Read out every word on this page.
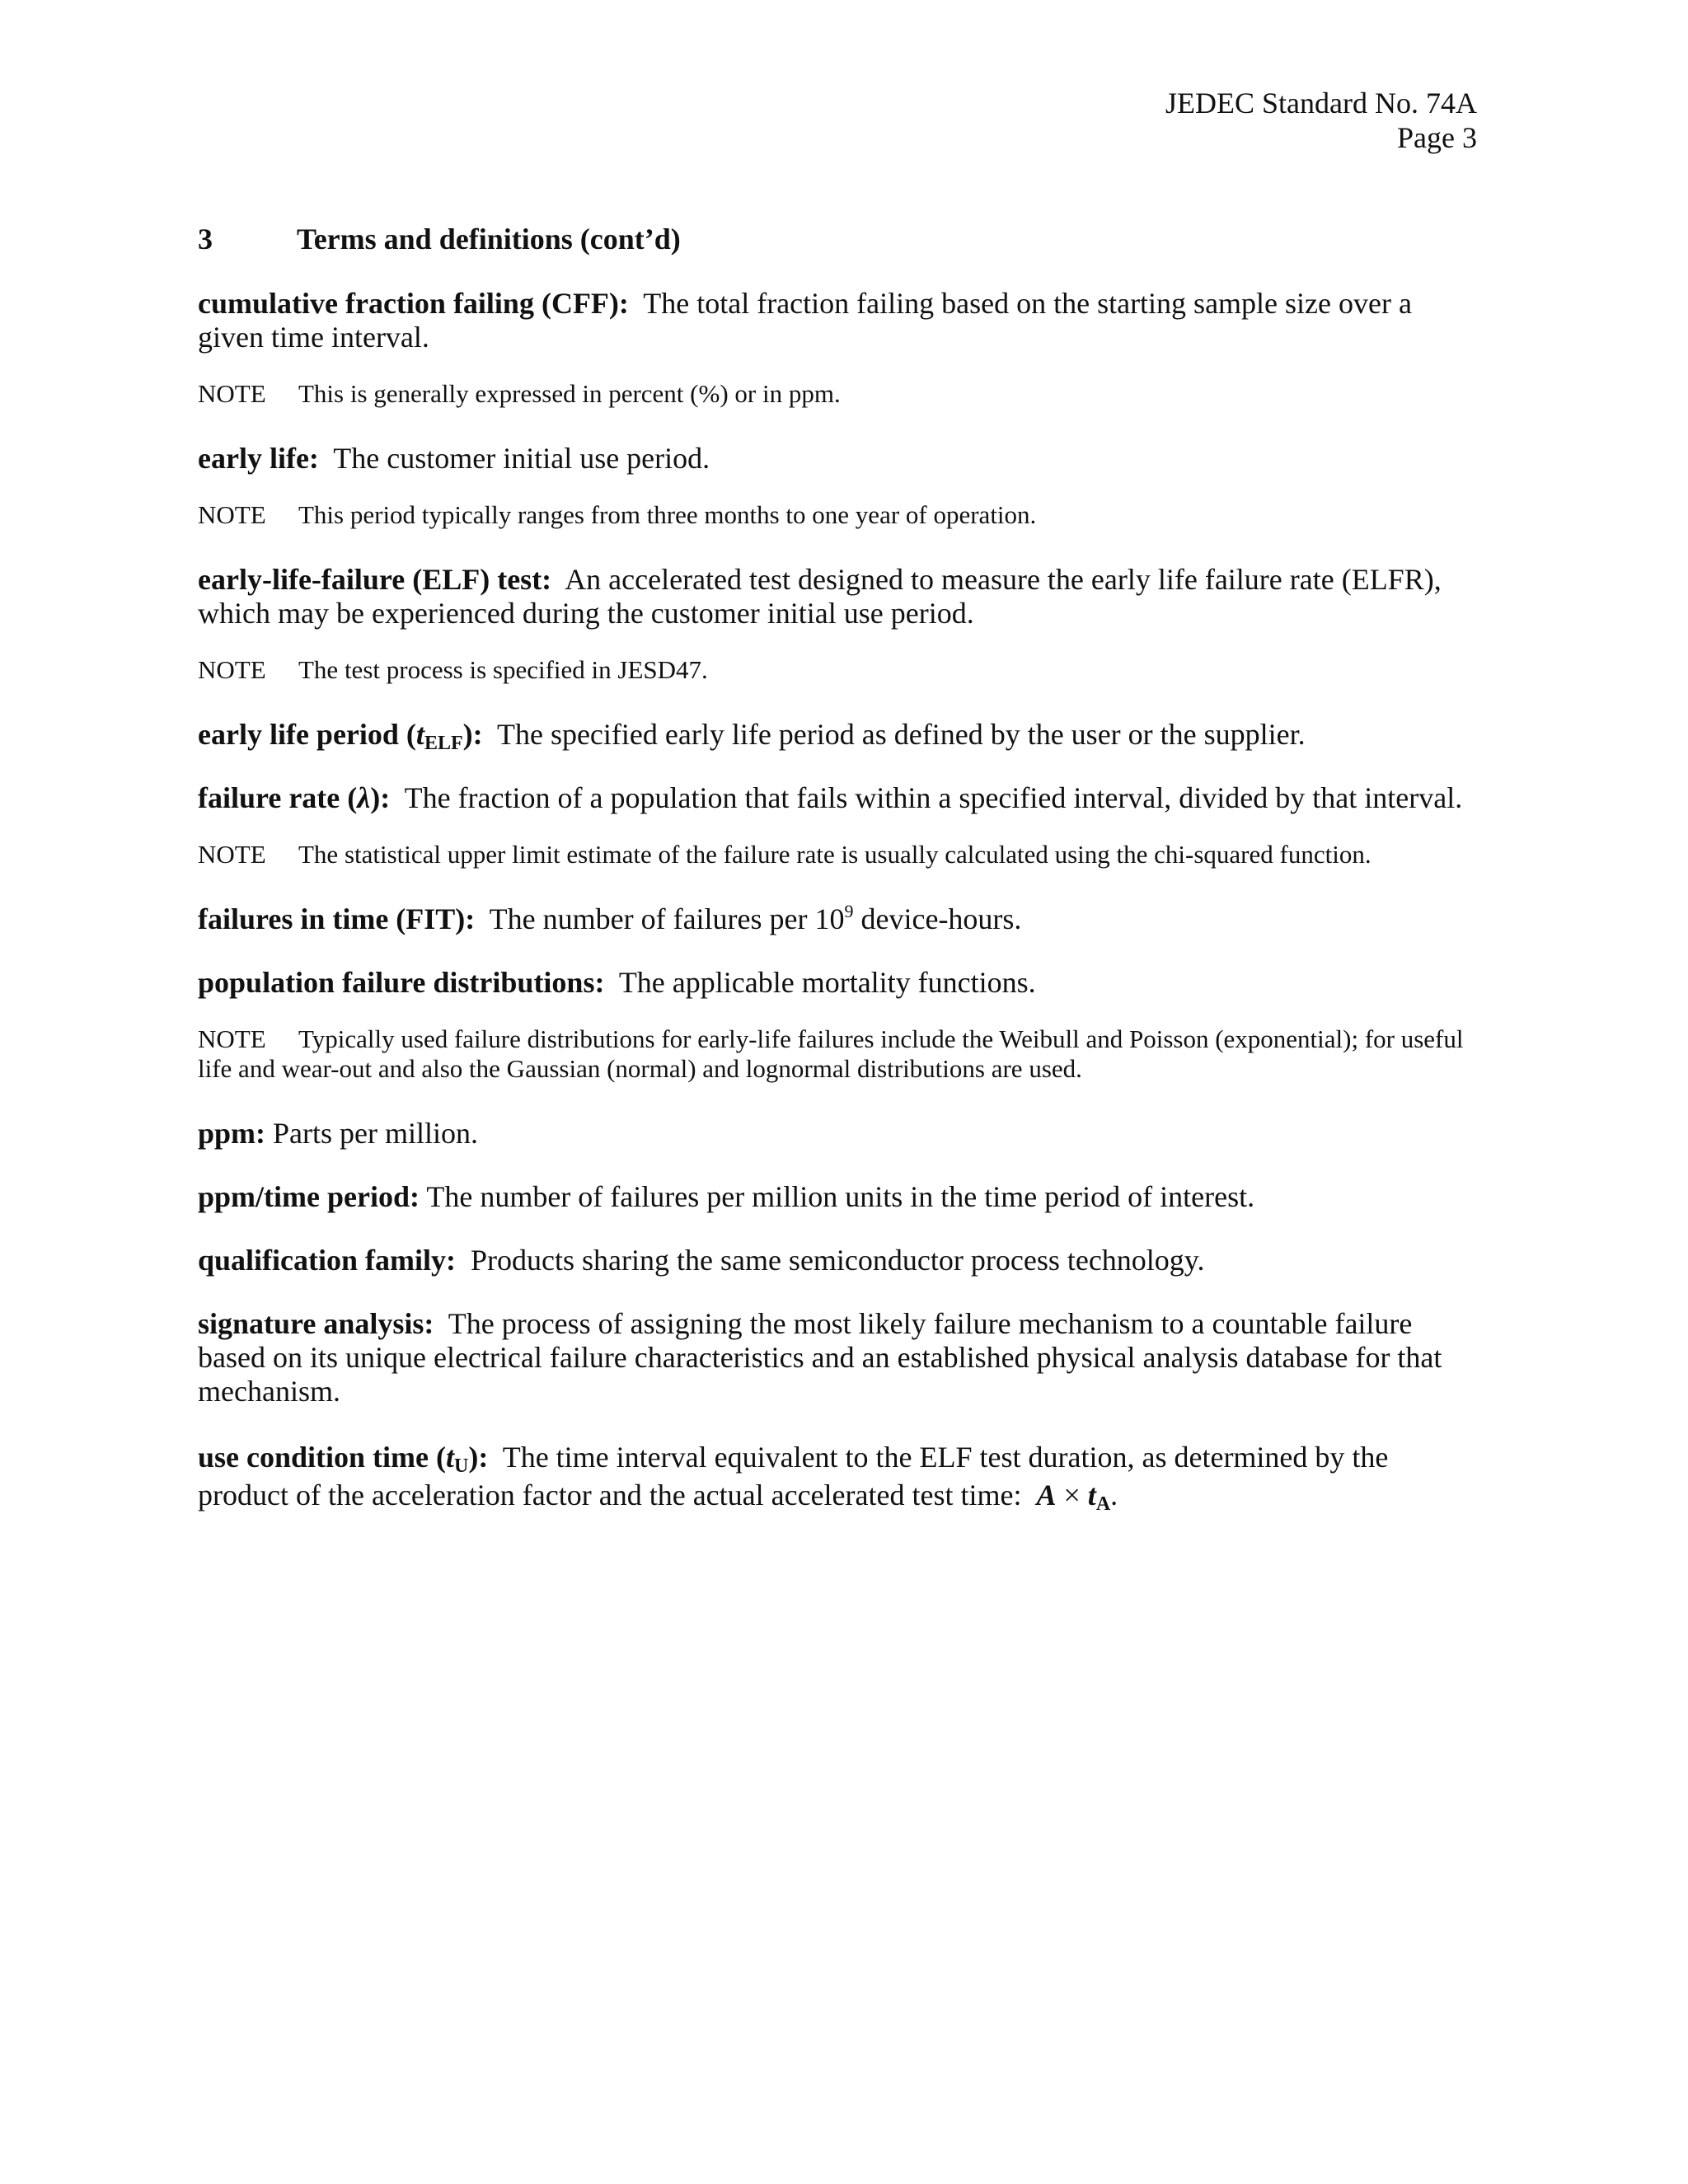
JEDEC Standard No. 74A
Page 3
3	Terms and definitions (cont’d)

cumulative fraction failing (CFF): The total fraction failing based on the starting sample size over a given time interval.

NOTE This is generally expressed in percent (%) or in ppm.

early life: The customer initial use period.

NOTE This period typically ranges from three months to one year of operation.

early-life-failure (ELF) test: An accelerated test designed to measure the early life failure rate (ELFR), which may be experienced during the customer initial use period.

NOTE The test process is specified in JESD47.

early life period $(t_{ELF})$: The specified early life period as defined by the user or the supplier.

failure rate (λ): The fraction of a population that fails within a specified interval, divided by that interval.

NOTE The statistical upper limit estimate of the failure rate is usually calculated using the chi-squared function.

failures in time (FIT): The number of failures per $10^9$ device-hours.

population failure distributions: The applicable mortality functions.

NOTE Typically used failure distributions for early-life failures include the Weibull and Poisson (exponential); for useful life and wear-out and also the Gaussian (normal) and lognormal distributions are used.

ppm: Parts per million.

ppm/time period: The number of failures per million units in the time period of interest.

qualification family: Products sharing the same semiconductor process technology.

signature analysis: The process of assigning the most likely failure mechanism to a countable failure based on its unique electrical failure characteristics and an established physical analysis database for that mechanism.

use condition time $(t_U)$: The time interval equivalent to the ELF test duration, as determined by the product of the acceleration factor and the actual accelerated test time: $A \times t_A$.
